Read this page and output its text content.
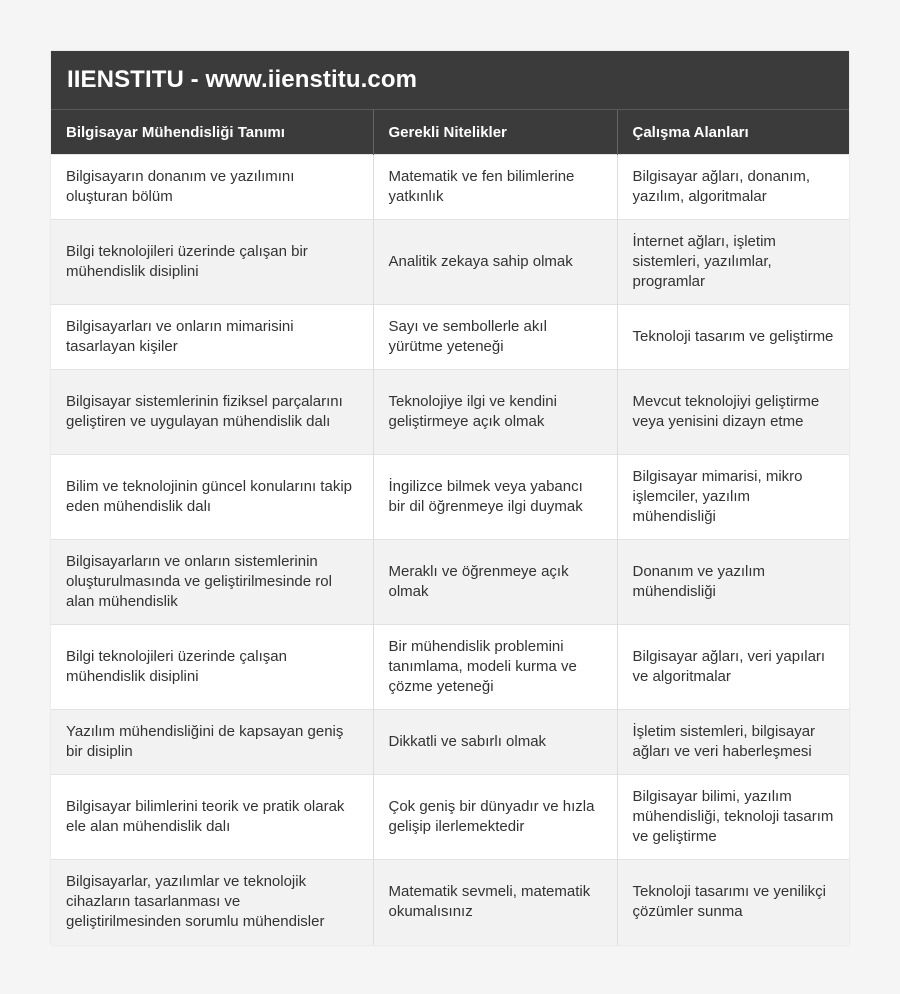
IIENSTITU - www.iienstitu.com
Bilgisayar Mühendisliği Tanımı	Gerekli Nitelikler	Çalışma Alanları
Bilgisayarın donanım ve yazılımını oluşturan bölüm	Matematik ve fen bilimlerine yatkınlık	Bilgisayar ağları, donanım, yazılım, algoritmalar
Bilgi teknolojileri üzerinde çalışan bir mühendislik disiplini	Analitik zekaya sahip olmak	İnternet ağları, işletim sistemleri, yazılımlar, programlar
Bilgisayarları ve onların mimarisini tasarlayan kişiler	Sayı ve sembollerle akıl yürütme yeteneği	Teknoloji tasarım ve geliştirme
Bilgisayar sistemlerinin fiziksel parçalarını geliştiren ve uygulayan mühendislik dalı	Teknolojiye ilgi ve kendini geliştirmeye açık olmak	Mevcut teknolojiyi geliştirme veya yenisini dizayn etme
Bilim ve teknolojinin güncel konularını takip eden mühendislik dalı	İngilizce bilmek veya yabancı bir dil öğrenmeye ilgi duymak	Bilgisayar mimarisi, mikro işlemciler, yazılım mühendisliği
Bilgisayarların ve onların sistemlerinin oluşturulmasında ve geliştirilmesinde rol alan mühendislik	Meraklı ve öğrenmeye açık olmak	Donanım ve yazılım mühendisliği
Bilgi teknolojileri üzerinde çalışan mühendislik disiplini	Bir mühendislik problemini tanımlama, modeli kurma ve çözme yeteneği	Bilgisayar ağları, veri yapıları ve algoritmalar
Yazılım mühendisliğini de kapsayan geniş bir disiplin	Dikkatli ve sabırlı olmak	İşletim sistemleri, bilgisayar ağları ve veri haberleşmesi
Bilgisayar bilimlerini teorik ve pratik olarak ele alan mühendislik dalı	Çok geniş bir dünyadır ve hızla gelişip ilerlemektedir	Bilgisayar bilimi, yazılım mühendisliği, teknoloji tasarım ve geliştirme
Bilgisayarlar, yazılımlar ve teknolojik cihazların tasarlanması ve geliştirilmesinden sorumlu mühendisler	Matematik sevmeli, matematik okumalısınız	Teknoloji tasarımı ve yenilikçi çözümler sunma
